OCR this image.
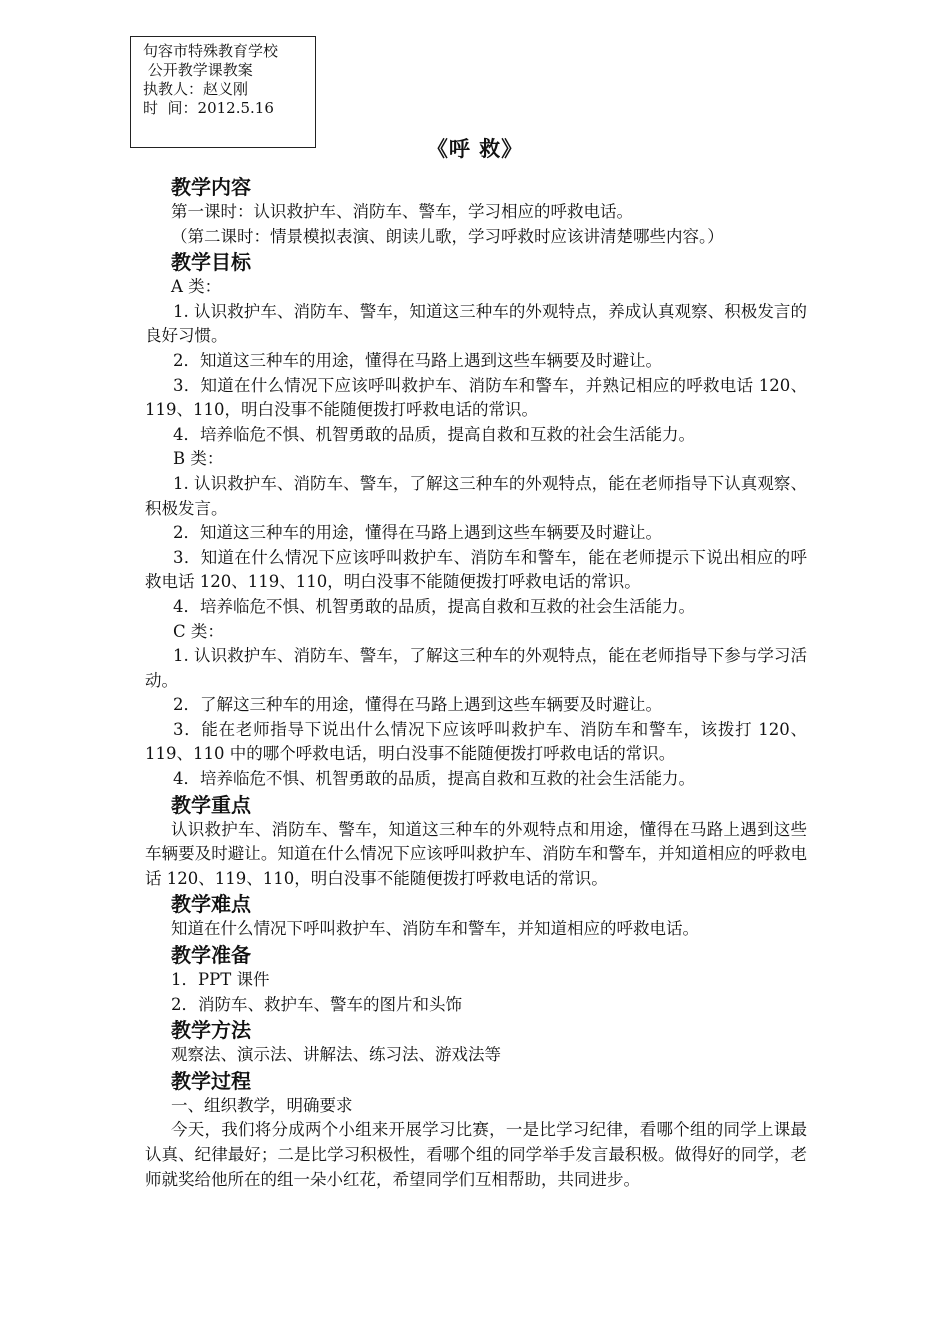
句容市特殊教育学校
公开教学课教案
执教人：赵义刚
时  间：2012.5.16
《呼 救》
教学内容

第一课时：认识救护车、消防车、警车，学习相应的呼救电话。

（第二课时：情景模拟表演、朗读儿歌，学习呼救时应该讲清楚哪些内容。）

教学目标

A 类：

1. 认识救护车、消防车、警车，知道这三种车的外观特点，养成认真观察、积极发言的良好习惯。

2．知道这三种车的用途，懂得在马路上遇到这些车辆要及时避让。

3．知道在什么情况下应该呼叫救护车、消防车和警车，并熟记相应的呼救电话 120、119、110，明白没事不能随便拨打呼救电话的常识。

4．培养临危不惧、机智勇敢的品质，提高自救和互救的社会生活能力。

B 类：

1. 认识救护车、消防车、警车，了解这三种车的外观特点，能在老师指导下认真观察、积极发言。

2．知道这三种车的用途，懂得在马路上遇到这些车辆要及时避让。

3．知道在什么情况下应该呼叫救护车、消防车和警车，能在老师提示下说出相应的呼救电话 120、119、110，明白没事不能随便拨打呼救电话的常识。

4．培养临危不惧、机智勇敢的品质，提高自救和互救的社会生活能力。

C 类：

1. 认识救护车、消防车、警车，了解这三种车的外观特点，能在老师指导下参与学习活动。

2．了解这三种车的用途，懂得在马路上遇到这些车辆要及时避让。

3．能在老师指导下说出什么情况下应该呼叫救护车、消防车和警车，该拨打 120、119、110 中的哪个呼救电话，明白没事不能随便拨打呼救电话的常识。

4．培养临危不惧、机智勇敢的品质，提高自救和互救的社会生活能力。

教学重点

认识救护车、消防车、警车，知道这三种车的外观特点和用途，懂得在马路上遇到这些车辆要及时避让。知道在什么情况下应该呼叫救护车、消防车和警车，并知道相应的呼救电话 120、119、110，明白没事不能随便拨打呼救电话的常识。

教学难点

知道在什么情况下呼叫救护车、消防车和警车，并知道相应的呼救电话。

教学准备

1．PPT 课件

2．消防车、救护车、警车的图片和头饰

教学方法

观察法、演示法、讲解法、练习法、游戏法等

教学过程

一、组织教学，明确要求

今天，我们将分成两个小组来开展学习比赛，一是比学习纪律，看哪个组的同学上课最认真、纪律最好；二是比学习积极性，看哪个组的同学举手发言最积极。做得好的同学，老师就奖给他所在的组一朵小红花，希望同学们互相帮助，共同进步。
